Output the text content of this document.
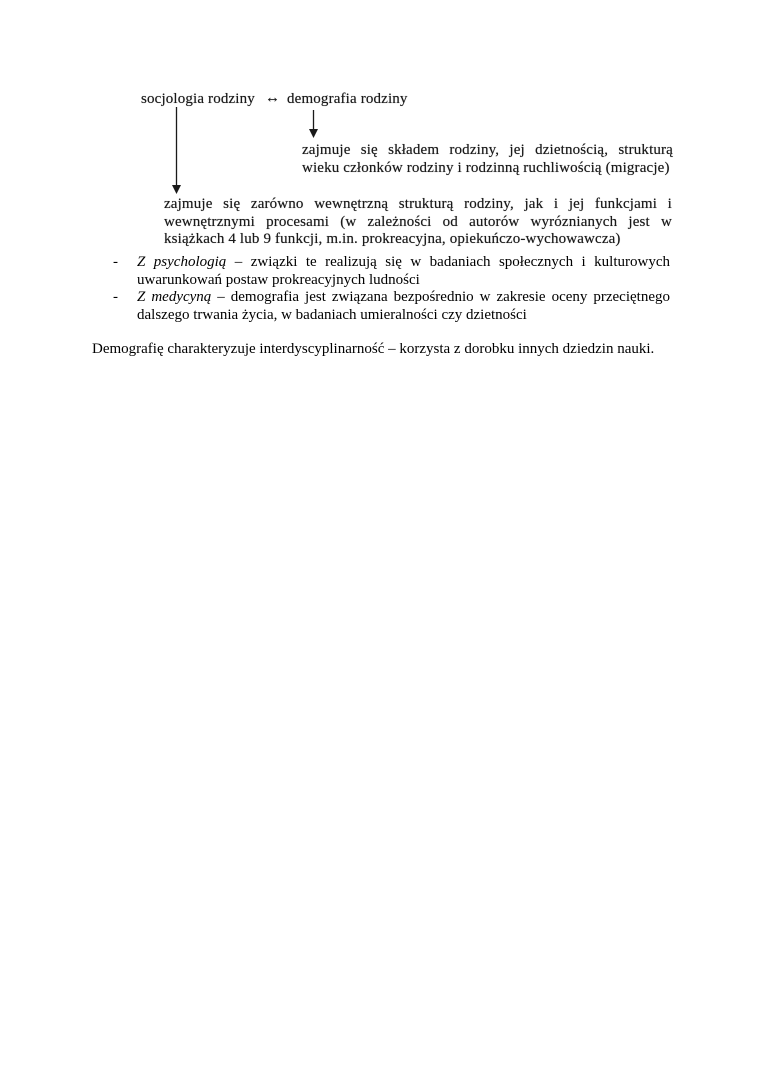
socjologia rodziny ↔ demografia rodziny
zajmuje się składem rodziny, jej dzietnością, strukturą
wieku członków rodziny i rodzinną ruchliwością (migracje)
zajmuje się zarówno wewnętrzną strukturą rodziny, jak i jej funkcjami i
wewnętrznymi procesami (w zależności od autorów wyróznianych jest w
książkach 4 lub 9 funkcji, m.in. prokreacyjna, opiekuńczo-wychowawcza)
-	Z psychologią – związki te realizują się w badaniach społecznych i kulturowych
uwarunkowań postaw prokreacyjnych ludności
-	Z medycyną – demografia jest związana bezpośrednio w zakresie oceny przeciętnego
dalszego trwania życia, w badaniach umieralności czy dzietności

Demografię charakteryzuje interdyscyplinarność – korzysta z dorobku innych dziedzin nauki.
